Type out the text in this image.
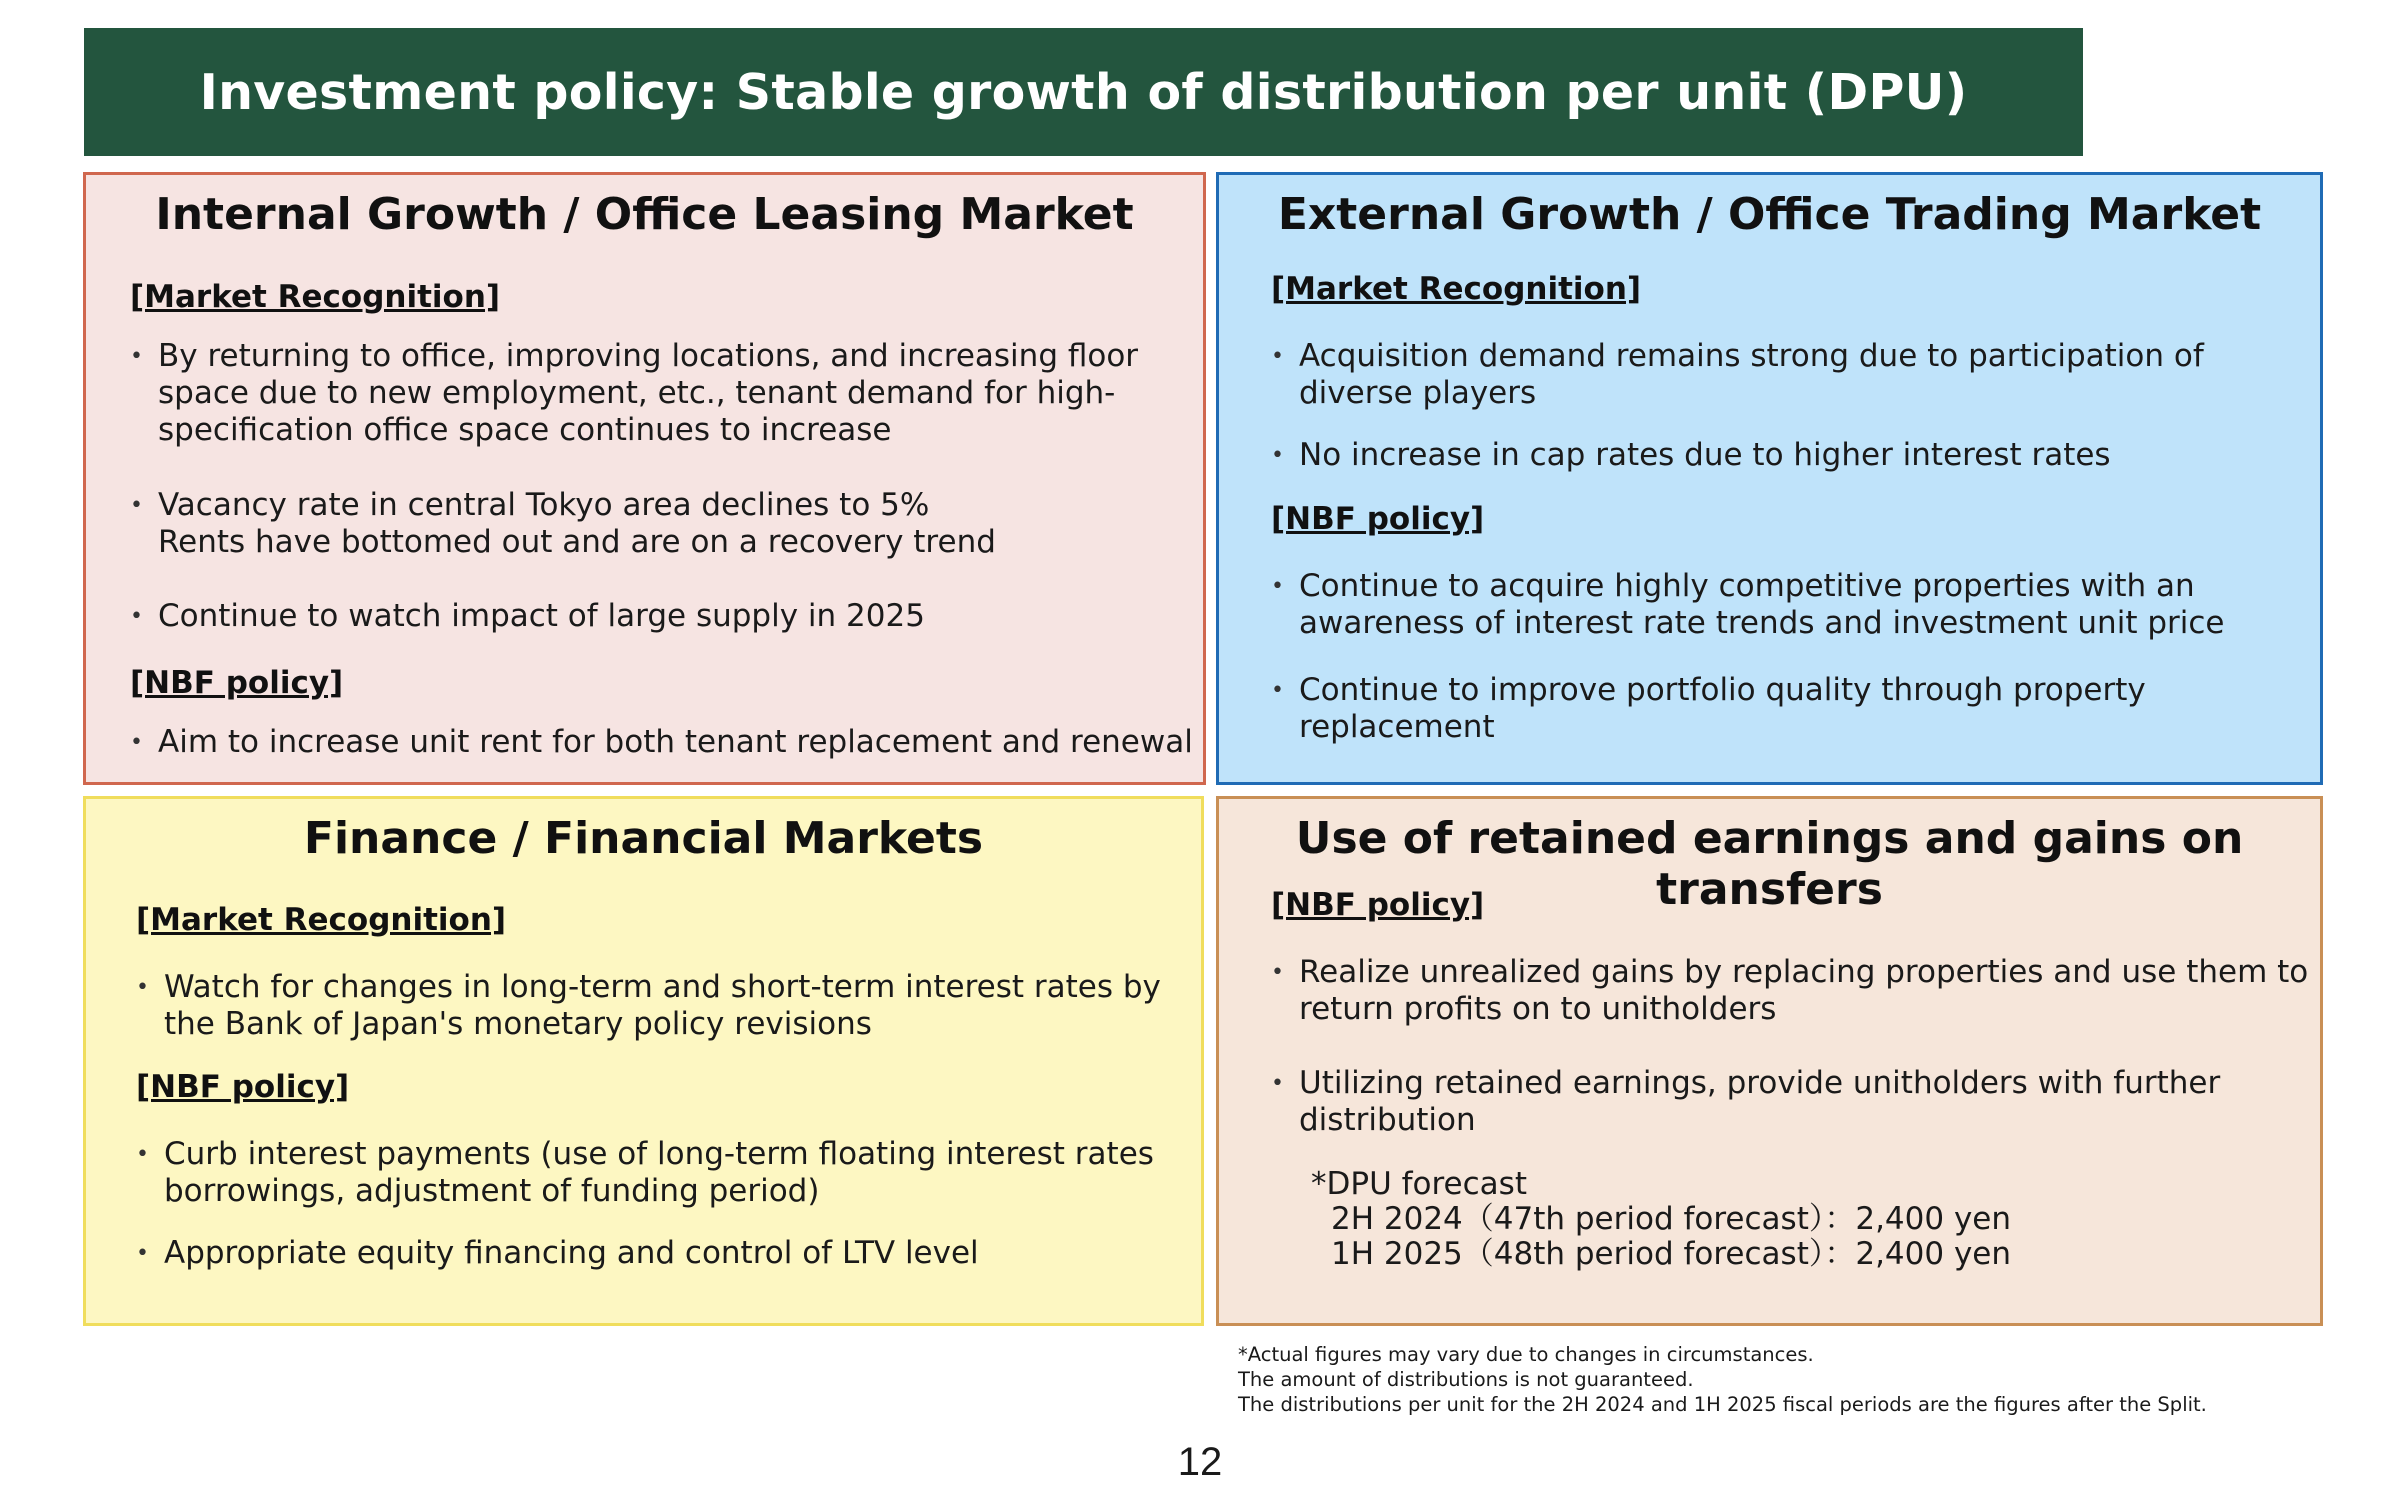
Investment policy: Stable growth of distribution per unit (DPU)
Internal Growth / Office Leasing Market
[Market Recognition]
• By returning to office, improving locations, and increasing floor
space due to new employment, etc., tenant demand for high-
specification office space continues to increase
• Vacancy rate in central Tokyo area declines to 5%
Rents have bottomed out and are on a recovery trend
• Continue to watch impact of large supply in 2025
[NBF policy]
• Aim to increase unit rent for both tenant replacement and renewal
External Growth / Office Trading Market
[Market Recognition]
• Acquisition demand remains strong due to participation of
diverse players
• No increase in cap rates due to higher interest rates
[NBF policy]
• Continue to acquire highly competitive properties with an
awareness of interest rate trends and investment unit price
• Continue to improve portfolio quality through property
replacement
Finance / Financial Markets
[Market Recognition]
• Watch for changes in long-term and short-term interest rates by
the Bank of Japan's monetary policy revisions
[NBF policy]
• Curb interest payments (use of long-term floating interest rates
borrowings, adjustment of funding period)
• Appropriate equity financing and control of LTV level
Use of retained earnings and gains on transfers
[NBF policy]
• Realize unrealized gains by replacing properties and use them to
return profits on to unitholders
• Utilizing retained earnings, provide unitholders with further
distribution
*DPU forecast
2H 2024（47th period forecast）：2,400 yen
1H 2025（48th period forecast）：2,400 yen
*Actual figures may vary due to changes in circumstances.
The amount of distributions is not guaranteed.
The distributions per unit for the 2H 2024 and 1H 2025 fiscal periods are the figures after the Split.
12
